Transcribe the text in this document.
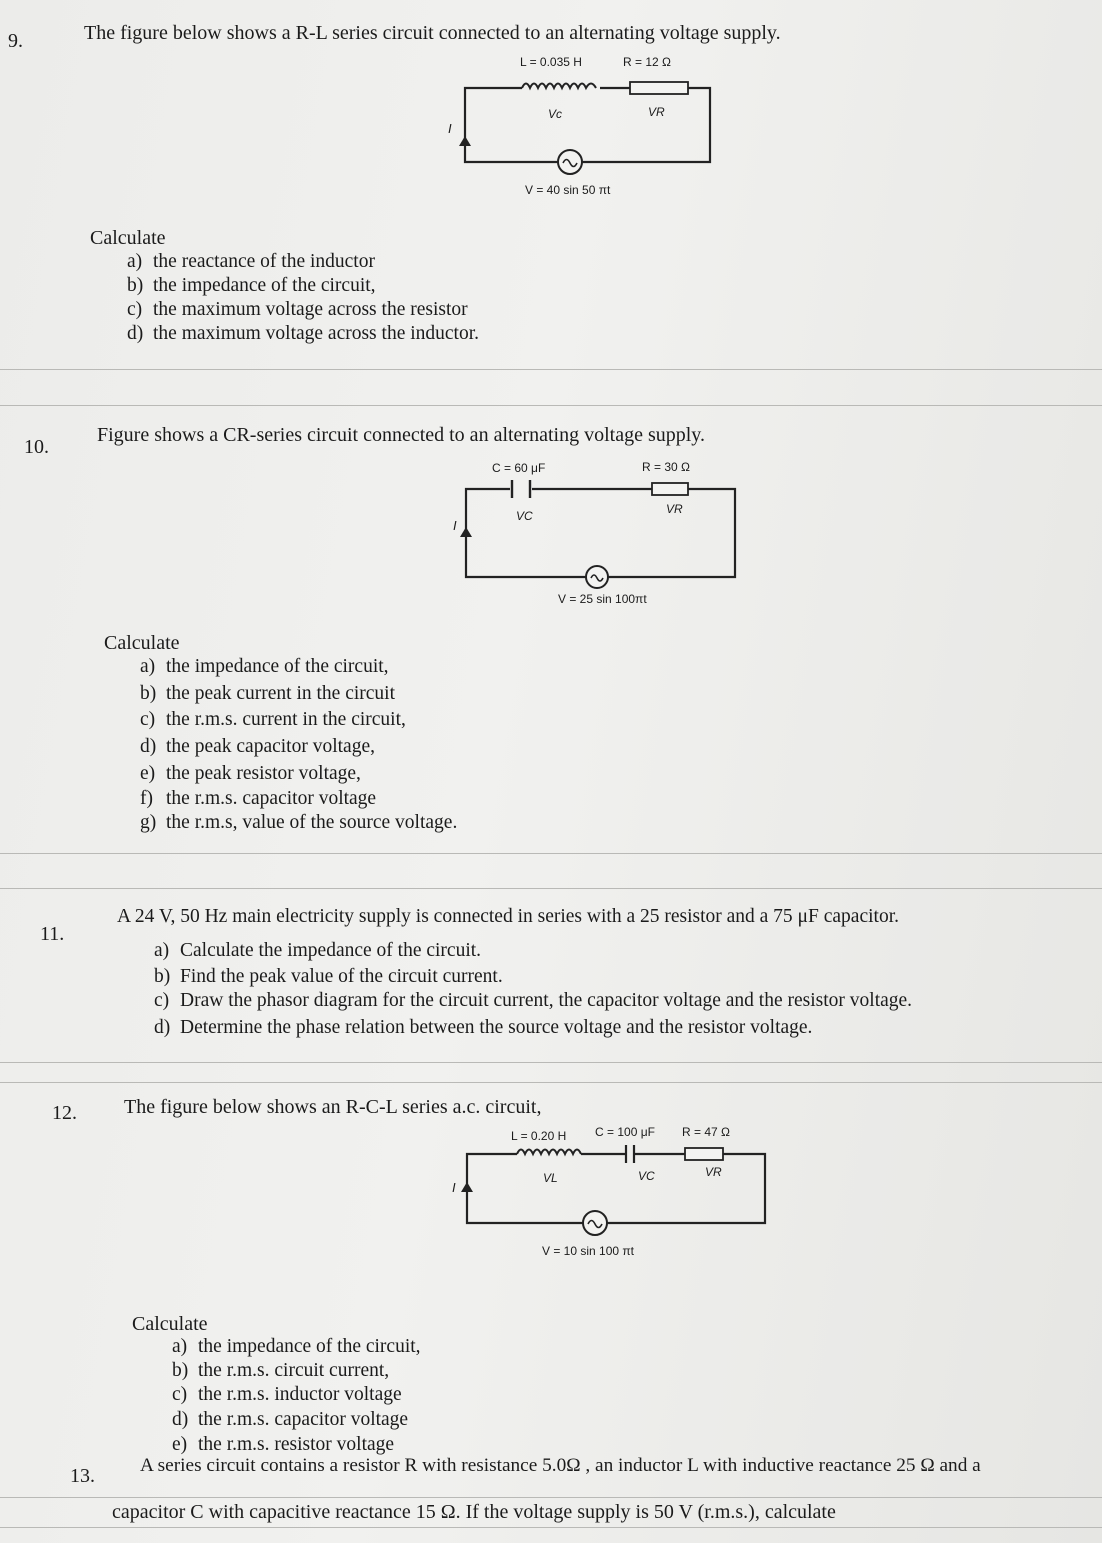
9.	The figure below shows a R-L series circuit connected to an alternating voltage supply.
L = 0.035 H	R = 12 Ω
I
Vc	VR
V = 40 sin 50 πt
Calculate
a) the reactance of the inductor
b) the impedance of the circuit,
c) the maximum voltage across the resistor
d) the maximum voltage across the inductor.
10.
Figure shows a CR-series circuit connected to an alternating voltage supply.
C = 60 μF	R = 30 Ω
I
VC	VR
V = 25 sin 100πt
Calculate
a) the impedance of the circuit,
b) the peak current in the circuit
c) the r.m.s. current in the circuit,
d) the peak capacitor voltage,
e) the peak resistor voltage,
f) the r.m.s. capacitor voltage
g) the r.m.s, value of the source voltage.
11.
A 24 V, 50 Hz main electricity supply is connected in series with a 25 resistor and a 75 μF capacitor.
a) Calculate the impedance of the circuit.
b) Find the peak value of the circuit current.
c) Draw the phasor diagram for the circuit current, the capacitor voltage and the resistor voltage.
d) Determine the phase relation between the source voltage and the resistor voltage.
12. The figure below shows an R-C-L series a.c. circuit,
L = 0.20 H C = 100 μF R = 47 Ω
I
VL	VC	VR
V = 10 sin 100 πt
Calculate
a) the impedance of the circuit,
b) the r.m.s. circuit current,
c) the r.m.s. inductor voltage
d) the r.m.s. capacitor voltage
e) the r.m.s. resistor voltage
13. A series circuit contains a resistor R with resistance 5.0Ω , an inductor L with inductive reactance 25 Ω and a
capacitor C with capacitive reactance 15 Ω. If the voltage supply is 50 V (r.m.s.), calculate
